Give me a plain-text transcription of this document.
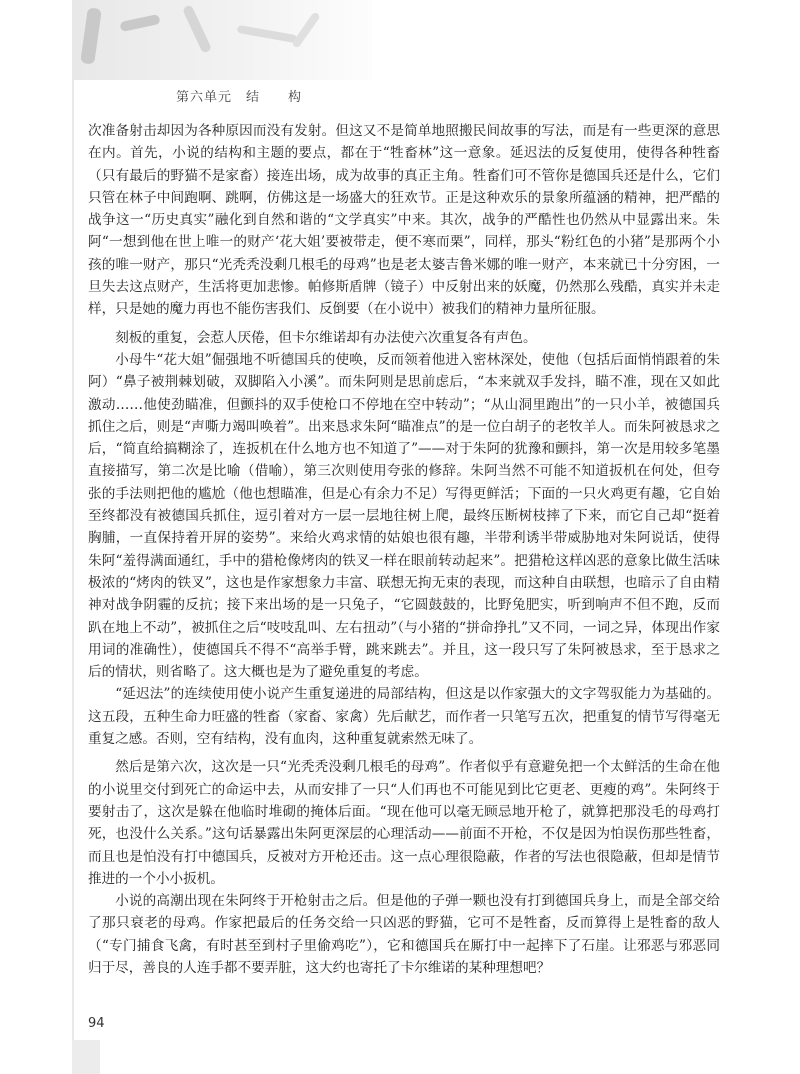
第六单元　结　　构

次准备射击却因为各种原因而没有发射。但这又不是简单地照搬民间故事的写法，而是有一些更深的意思在内。首先，小说的结构和主题的要点，都在于“牲畜林”这一意象。延迟法的反复使用，使得各种牲畜（只有最后的野猫不是家畜）接连出场，成为故事的真正主角。牲畜们可不管你是德国兵还是什么，它们只管在林子中间跑啊、跳啊，仿佛这是一场盛大的狂欢节。正是这种欢乐的景象所蕴涵的精神，把严酷的战争这一“历史真实”融化到自然和谐的“文学真实”中来。其次，战争的严酷性也仍然从中显露出来。朱阿“一想到他在世上唯一的财产‘花大姐’要被带走，便不寒而栗”，同样，那头“粉红色的小猪”是那两个小孩的唯一财产，那只“光秃秃没剩几根毛的母鸡”也是老太婆吉鲁米娜的唯一财产，本来就已十分穷困，一旦失去这点财产，生活将更加悲惨。帕修斯盾牌（镜子）中反射出来的妖魔，仍然那么残酷，真实并未走样，只是她的魔力再也不能伤害我们、反倒要（在小说中）被我们的精神力量所征服。

刻板的重复，会惹人厌倦，但卡尔维诺却有办法使六次重复各有声色。

小母牛“花大姐”倔强地不听德国兵的使唤，反而领着他进入密林深处，使他（包括后面悄悄跟着的朱阿）“鼻子被荆棘划破，双脚陷入小溪”。而朱阿则是思前虑后，“本来就双手发抖，瞄不准，现在又如此激动……他使劲瞄准，但颤抖的双手使枪口不停地在空中转动”；“从山洞里跑出”的一只小羊，被德国兵抓住之后，则是“声嘶力竭叫唤着”。出来恳求朱阿“瞄准点”的是一位白胡子的老牧羊人。而朱阿被恳求之后，“简直给搞糊涂了，连扳机在什么地方也不知道了”——对于朱阿的犹豫和颤抖，第一次是用较多笔墨直接描写，第二次是比喻（借喻），第三次则使用夸张的修辞。朱阿当然不可能不知道扳机在何处，但夸张的手法则把他的尴尬（他也想瞄准，但是心有余力不足）写得更鲜活；下面的一只火鸡更有趣，它自始至终都没有被德国兵抓住，逗引着对方一层一层地往树上爬，最终压断树枝摔了下来，而它自己却“挺着胸脯，一直保持着开屏的姿势”。来给火鸡求情的姑娘也很有趣，半带利诱半带威胁地对朱阿说话，使得朱阿“羞得满面通红，手中的猎枪像烤肉的铁叉一样在眼前转动起来”。把猎枪这样凶恶的意象比做生活味极浓的“烤肉的铁叉”，这也是作家想象力丰富、联想无拘无束的表现，而这种自由联想，也暗示了自由精神对战争阴霾的反抗；接下来出场的是一只兔子，“它圆鼓鼓的，比野兔肥实，听到响声不但不跑，反而趴在地上不动”，被抓住之后“吱吱乱叫、左右扭动”（与小猪的“拼命挣扎”又不同，一词之异，体现出作家用词的准确性），使德国兵不得不“高举手臂，跳来跳去”。并且，这一段只写了朱阿被恳求，至于恳求之后的情状，则省略了。这大概也是为了避免重复的考虑。

“延迟法”的连续使用使小说产生重复递进的局部结构，但这是以作家强大的文字驾驭能力为基础的。这五段，五种生命力旺盛的牲畜（家畜、家禽）先后献艺，而作者一只笔写五次，把重复的情节写得毫无重复之感。否则，空有结构，没有血肉，这种重复就索然无味了。

然后是第六次，这次是一只“光秃秃没剩几根毛的母鸡”。作者似乎有意避免把一个太鲜活的生命在他的小说里交付到死亡的命运中去，从而安排了一只“人们再也不可能见到比它更老、更瘦的鸡”。朱阿终于要射击了，这次是躲在他临时堆砌的掩体后面。“现在他可以毫无顾忌地开枪了，就算把那没毛的母鸡打死，也没什么关系。”这句话暴露出朱阿更深层的心理活动——前面不开枪，不仅是因为怕误伤那些牲畜，而且也是怕没有打中德国兵，反被对方开枪还击。这一点心理很隐蔽，作者的写法也很隐蔽，但却是情节推进的一个小小扳机。

小说的高潮出现在朱阿终于开枪射击之后。但是他的子弹一颗也没有打到德国兵身上，而是全部交给了那只衰老的母鸡。作家把最后的任务交给一只凶恶的野猫，它可不是牲畜，反而算得上是牲畜的敌人（“专门捕食飞禽，有时甚至到村子里偷鸡吃”），它和德国兵在厮打中一起摔下了石崖。让邪恶与邪恶同归于尽，善良的人连手都不要弄脏，这大约也寄托了卡尔维诺的某种理想吧？

94
